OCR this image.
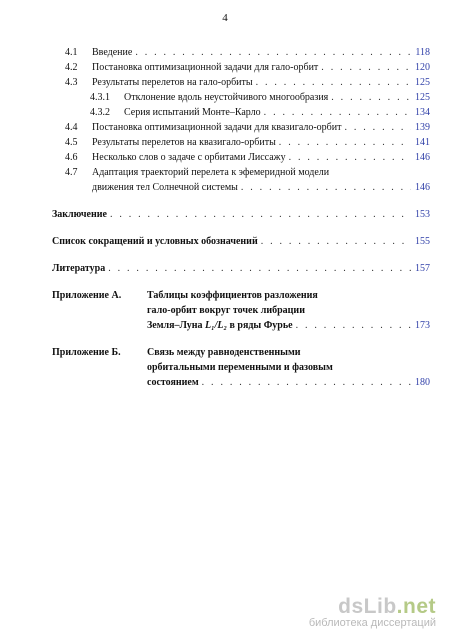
4
4.1 Введение . . .	118
4.2 Постановка оптимизационной задачи для гало-орбит . . .	120
4.3 Результаты перелетов на гало-орбиты . . .	125
4.3.1 Отклонение вдоль неустойчивого многообразия . . .	125
4.3.2 Серия испытаний Монте–Карло . . .	134
4.4 Постановка оптимизационной задачи для квазигало-орбит . . .	139
4.5 Результаты перелетов на квазигало-орбиты . . .	141
4.6 Несколько слов о задаче с орбитами Лиссажу . . .	146
4.7 Адаптация траекторий перелета к эфемеридной модели
движения тел Солнечной системы . . .	146
Заключение . . .	153
Список сокращений и условных обозначений . . .	155
Литература . . .	157
Приложение А.	Таблицы коэффициентов разложения
гало-орбит вокруг точек либрации
Земля–Луна L₁/L₂ в ряды Фурье . . .	173
Приложение Б.	Связь между равноденственными
орбитальными переменными и фазовым
состоянием . . .	180
dsLib.net
библиотека диссертаций
